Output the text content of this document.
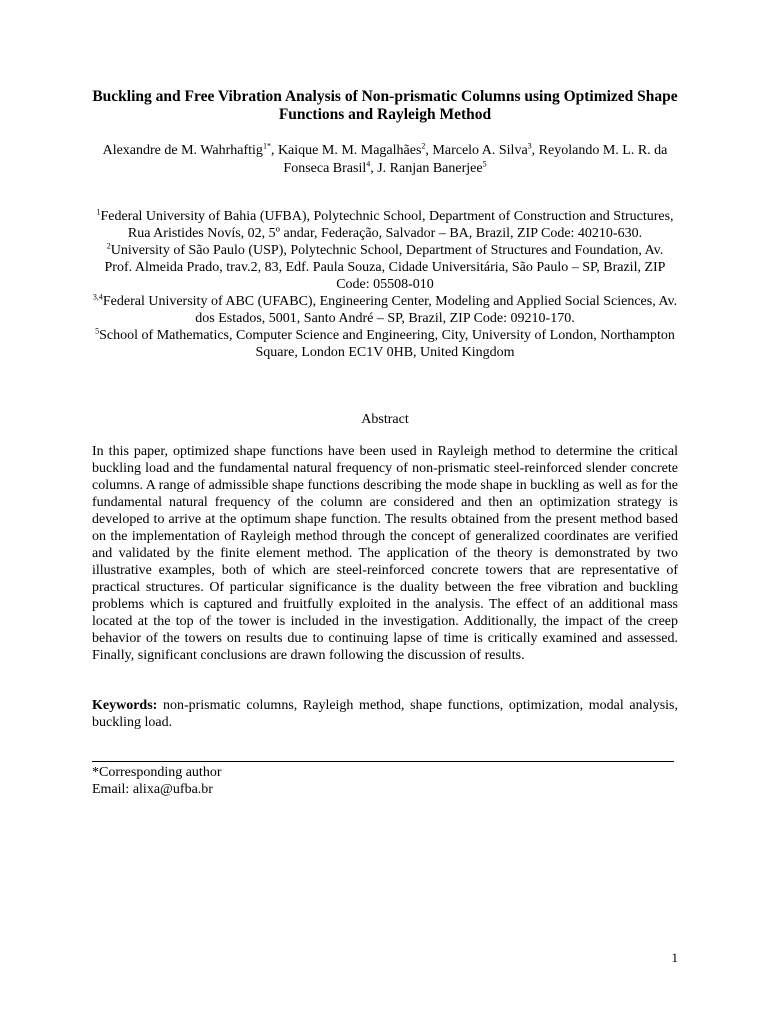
Buckling and Free Vibration Analysis of Non-prismatic Columns using Optimized Shape Functions and Rayleigh Method

Alexandre de M. Wahrhaftig$^{1*}$, Kaique M. M. Magalhães$^2$, Marcelo A. Silva$^3$, Reyolando M. L. R. da Fonseca Brasil$^4$, J. Ranjan Banerjee$^5$

$^1$Federal University of Bahia (UFBA), Polytechnic School, Department of Construction and Structures, Rua Aristides Novís, 02, 5º andar, Federação, Salvador – BA, Brazil, ZIP Code: 40210-630.

$^2$University of São Paulo (USP), Polytechnic School, Department of Structures and Foundation, Av. Prof. Almeida Prado, trav.2, 83, Edf. Paula Souza, Cidade Universitária, São Paulo – SP, Brazil, ZIP Code: 05508-010

$^{3,4}$Federal University of ABC (UFABC), Engineering Center, Modeling and Applied Social Sciences, Av. dos Estados, 5001, Santo André – SP, Brazil, ZIP Code: 09210-170.

$^5$School of Mathematics, Computer Science and Engineering, City, University of London, Northampton Square, London EC1V 0HB, United Kingdom

Abstract

In this paper, optimized shape functions have been used in Rayleigh method to determine the critical buckling load and the fundamental natural frequency of non-prismatic steel-reinforced slender concrete columns. A range of admissible shape functions describing the mode shape in buckling as well as for the fundamental natural frequency of the column are considered and then an optimization strategy is developed to arrive at the optimum shape function. The results obtained from the present method based on the implementation of Rayleigh method through the concept of generalized coordinates are verified and validated by the finite element method. The application of the theory is demonstrated by two illustrative examples, both of which are steel-reinforced concrete towers that are representative of practical structures. Of particular significance is the duality between the free vibration and buckling problems which is captured and fruitfully exploited in the analysis. The effect of an additional mass located at the top of the tower is included in the investigation. Additionally, the impact of the creep behavior of the towers on results due to continuing lapse of time is critically examined and assessed. Finally, significant conclusions are drawn following the discussion of results.

Keywords: non-prismatic columns, Rayleigh method, shape functions, optimization, modal analysis, buckling load.

*Corresponding author
Email: alixa@ufba.br

1
